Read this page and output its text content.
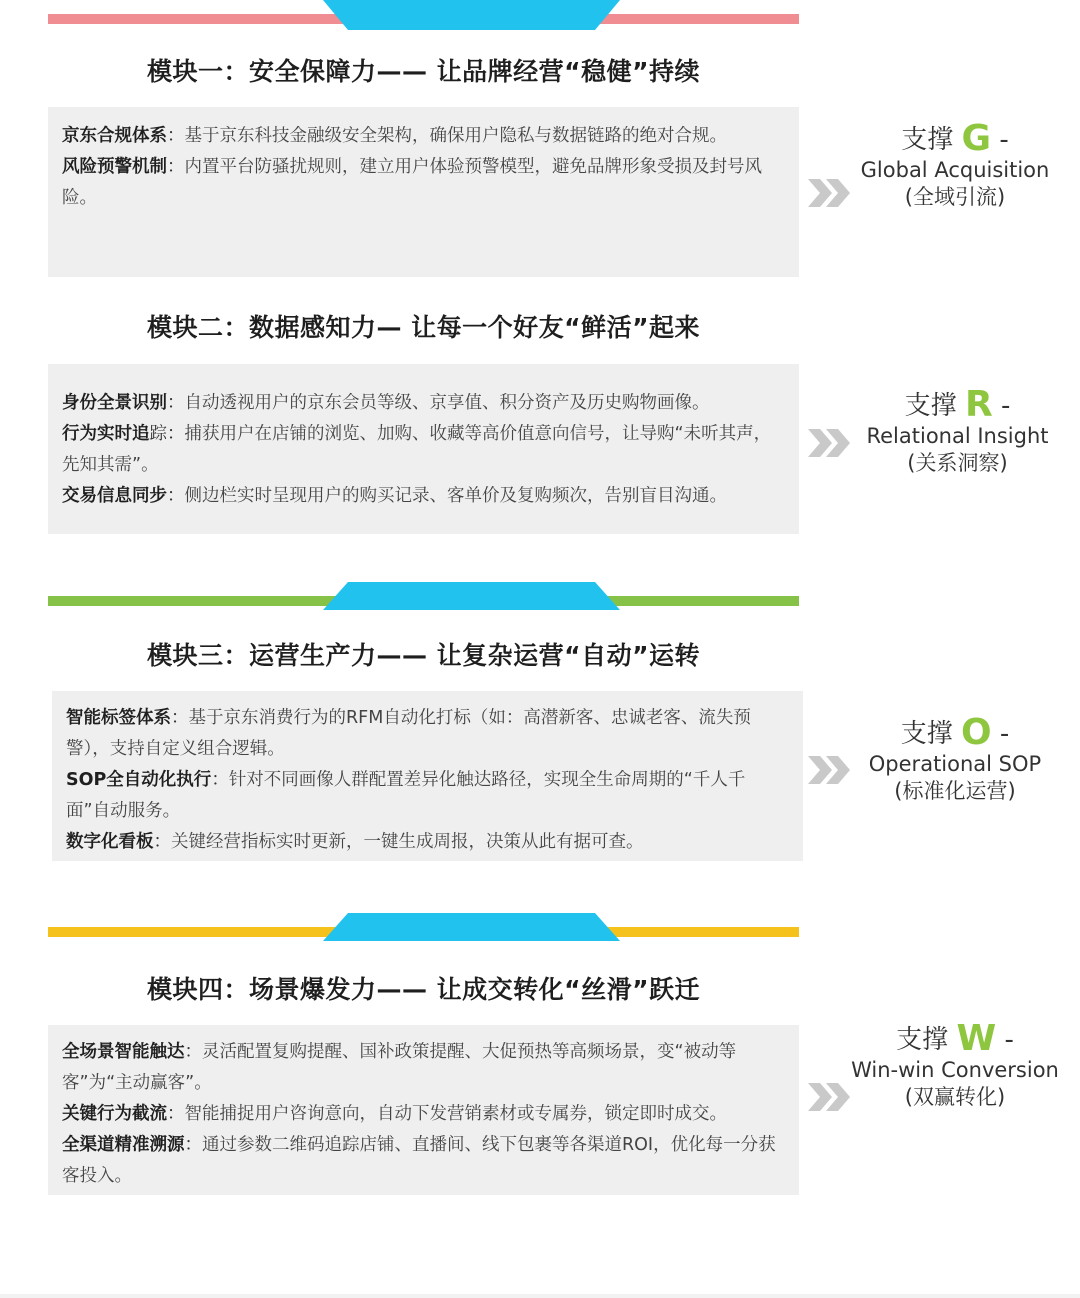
模块一：安全保障力—— 让品牌经营“稳健”持续
京东合规体系：基于京东科技金融级安全架构，确保用户隐私与数据链路的绝对合规。
风险预警机制：内置平台防骚扰规则，建立用户体验预警模型，避免品牌形象受损及封号风险。
支撑 G -
Global Acquisition
(全域引流)
模块二：数据感知力— 让每一个好友“鲜活”起来
身份全景识别：自动透视用户的京东会员等级、京享值、积分资产及历史购物画像。
行为实时追踪：捕获用户在店铺的浏览、加购、收藏等高价值意向信号，让导购“未听其声，先知其需”。
交易信息同步：侧边栏实时呈现用户的购买记录、客单价及复购频次，告别盲目沟通。
支撑 R -
Relational Insight
(关系洞察)
模块三：运营生产力—— 让复杂运营“自动”运转
智能标签体系：基于京东消费行为的RFM自动化打标（如：高潜新客、忠诚老客、流失预警），支持自定义组合逻辑。
SOP全自动化执行：针对不同画像人群配置差异化触达路径，实现全生命周期的“千人千面”自动服务。
数字化看板：关键经营指标实时更新，一键生成周报，决策从此有据可查。
支撑 O -
Operational SOP
(标准化运营)
模块四：场景爆发力—— 让成交转化“丝滑”跃迁
全场景智能触达：灵活配置复购提醒、国补政策提醒、大促预热等高频场景，变“被动等客”为“主动赢客”。
关键行为截流：智能捕捉用户咨询意向，自动下发营销素材或专属券，锁定即时成交。
全渠道精准溯源：通过参数二维码追踪店铺、直播间、线下包裹等各渠道ROI，优化每一分获客投入。
支撑 W -
Win-win Conversion
(双赢转化)
